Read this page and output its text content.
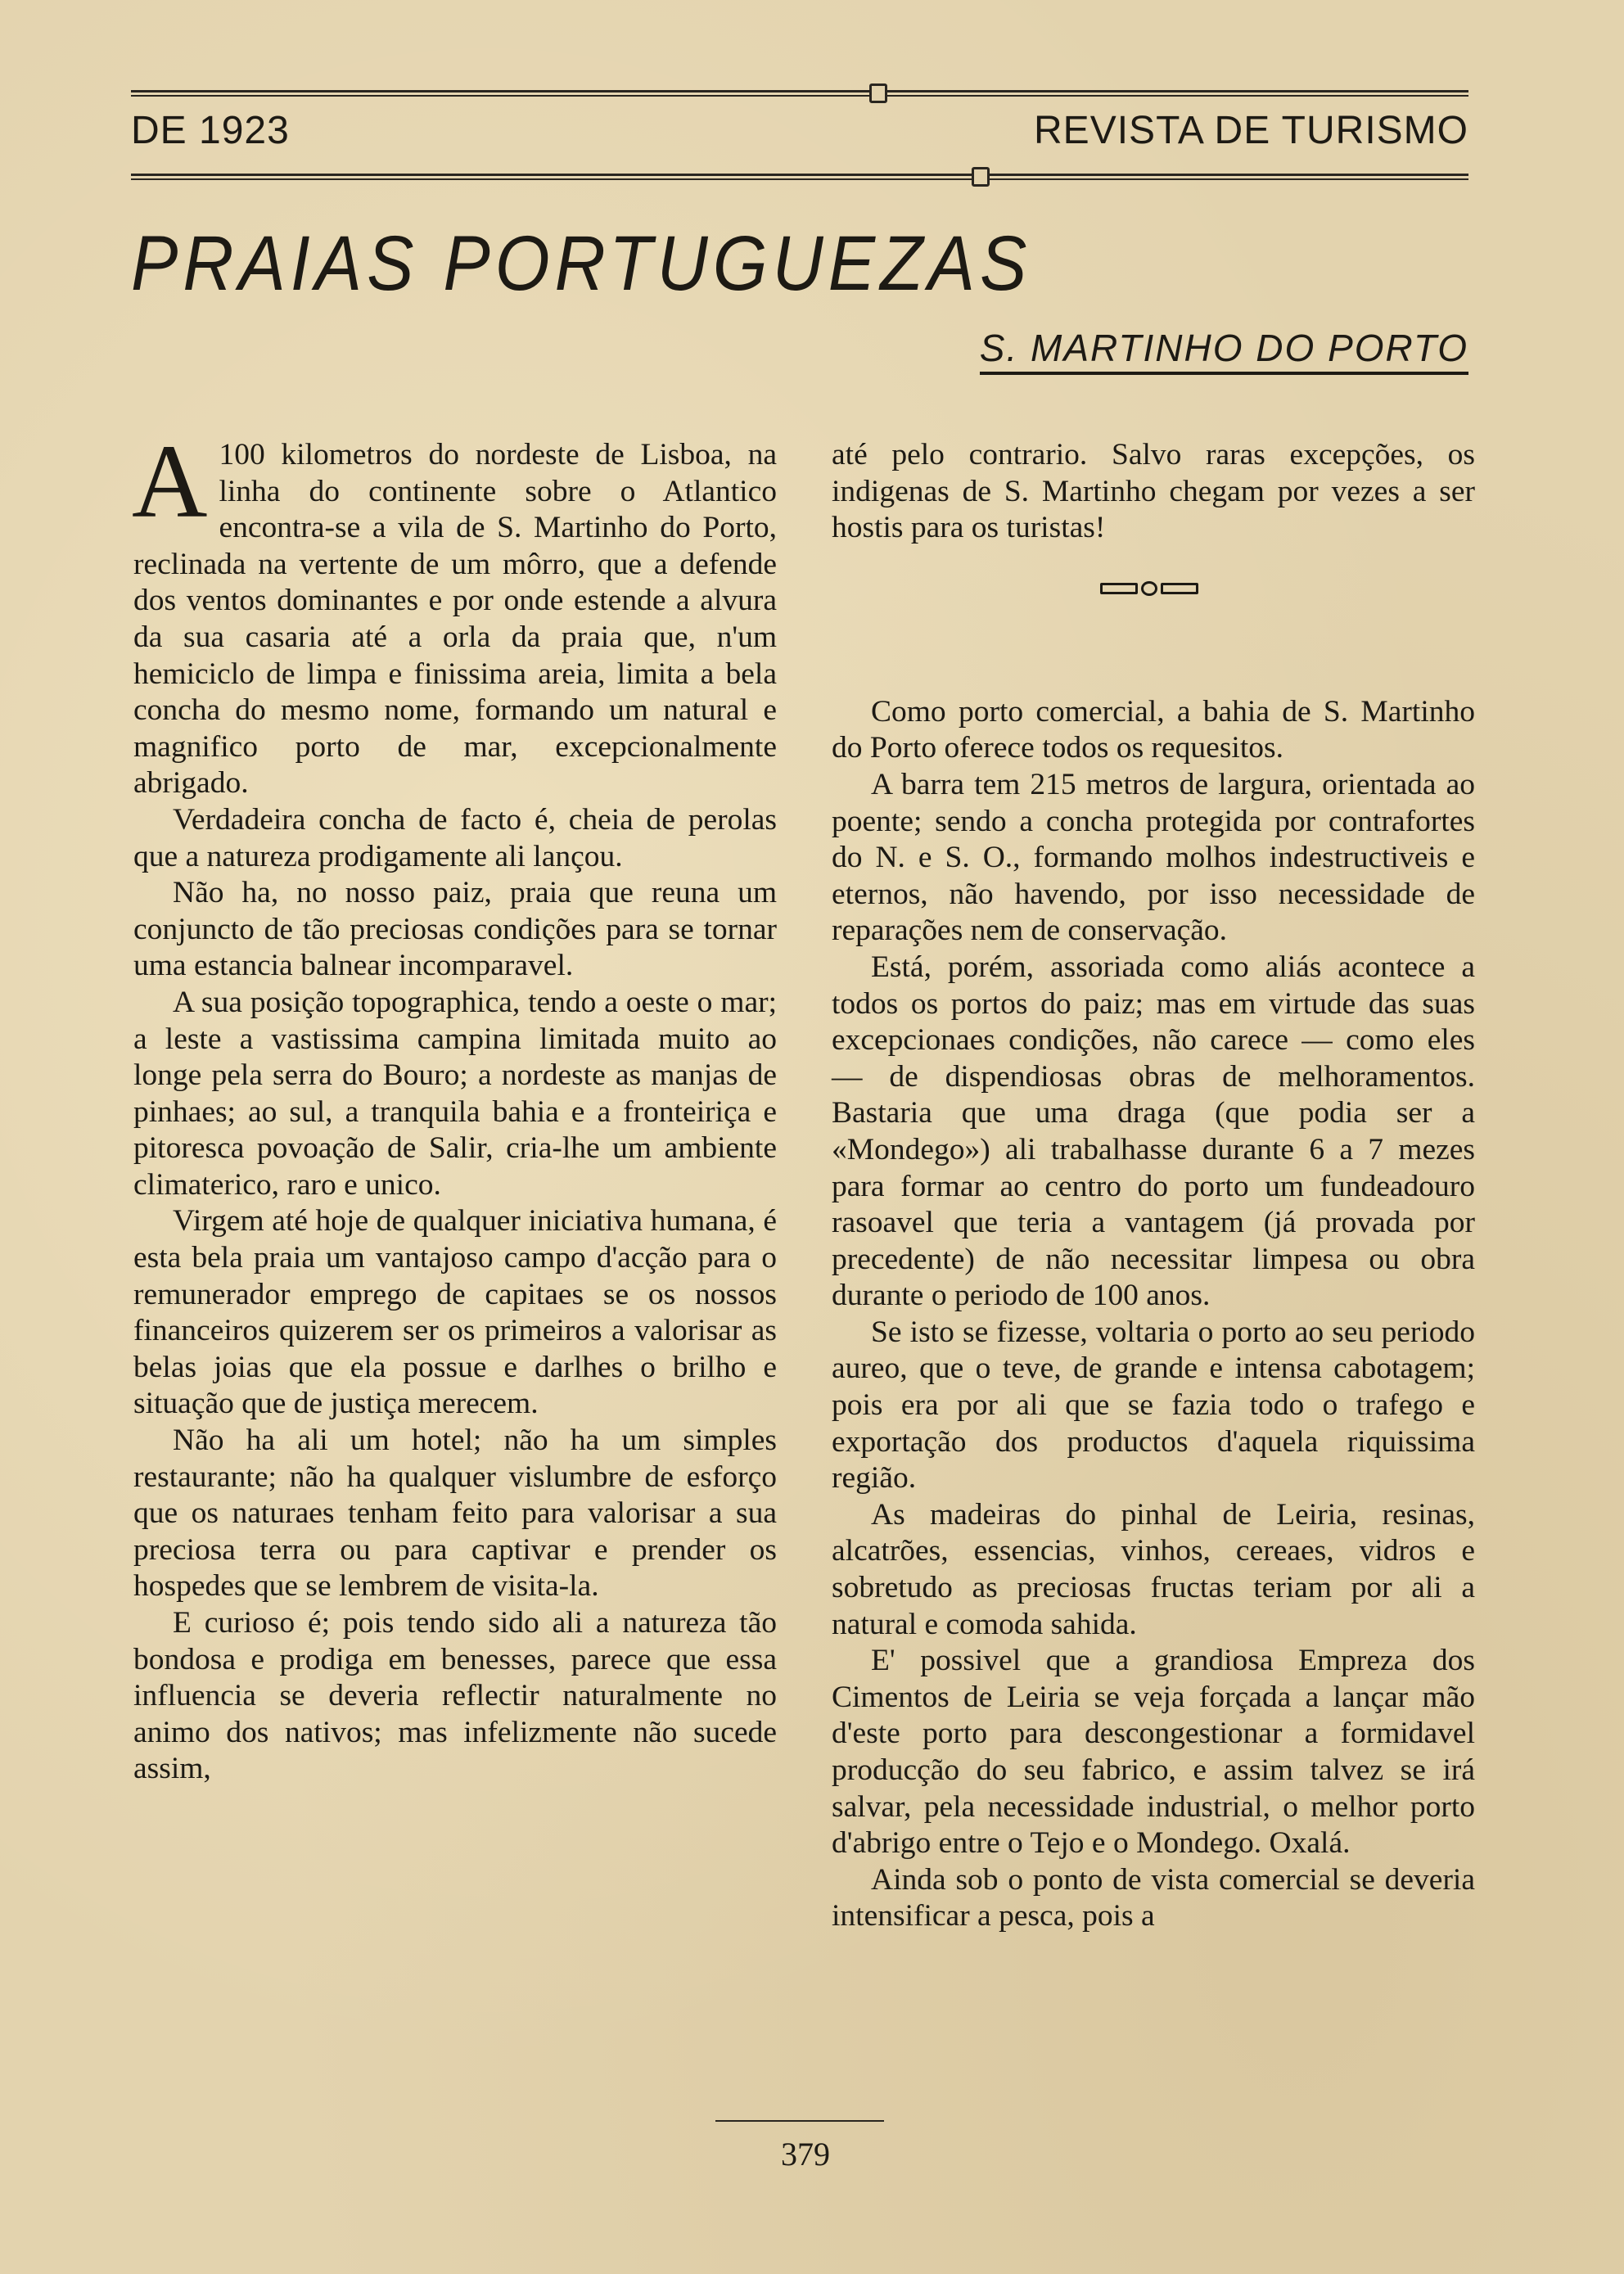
DE 1923	REVISTA DE TURISMO
PRAIAS PORTUGUEZAS
S. MARTINHO DO PORTO

A 100 kilometros do nordeste de Lisboa, na linha do continente sobre o Atlantico encontra-se a vila de S. Martinho do Porto, reclinada na vertente de um môrro, que a defende dos ventos dominantes e por onde estende a alvura da sua casaria até a orla da praia que, n'um hemiciclo de limpa e finissima areia, limita a bela concha do mesmo nome, formando um natural e magnifico porto de mar, excepcionalmente abrigado.

Verdadeira concha de facto é, cheia de perolas que a natureza prodigamente ali lançou.

Não ha, no nosso paiz, praia que reuna um conjuncto de tão preciosas condições para se tornar uma estancia balnear incomparavel.

A sua posição topographica, tendo a oeste o mar; a leste a vastissima campina limitada muito ao longe pela serra do Bouro; a nordeste as manjas de pinhaes; ao sul, a tranquila bahia e a fronteiriça e pitoresca povoação de Salir, cria-lhe um ambiente climaterico, raro e unico.

Virgem até hoje de qualquer iniciativa humana, é esta bela praia um vantajoso campo d'acção para o remunerador emprego de capitaes se os nossos financeiros quizerem ser os primeiros a valorisar as belas joias que ela possue e darlhes o brilho e situação que de justiça merecem.

Não ha ali um hotel; não ha um simples restaurante; não ha qualquer vislumbre de esforço que os naturaes tenham feito para valorisar a sua preciosa terra ou para captivar e prender os hospedes que se lembrem de visita-la.

E curioso é; pois tendo sido ali a natureza tão bondosa e prodiga em benesses, parece que essa influencia se deveria reflectir naturalmente no animo dos nativos; mas infelizmente não sucede assim,

até pelo contrario. Salvo raras excepções, os indigenas de S. Martinho chegam por vezes a ser hostis para os turistas!

Como porto comercial, a bahia de S. Martinho do Porto oferece todos os requesitos.

A barra tem 215 metros de largura, orientada ao poente; sendo a concha protegida por contrafortes do N. e S. O., formando molhos indestructiveis e eternos, não havendo, por isso necessidade de reparações nem de conservação.

Está, porém, assoriada como aliás acontece a todos os portos do paiz; mas em virtude das suas excepcionaes condições, não carece — como eles — de dispendiosas obras de melhoramentos. Bastaria que uma draga (que podia ser a «Mondego») ali trabalhasse durante 6 a 7 mezes para formar ao centro do porto um fundeadouro rasoavel que teria a vantagem (já provada por precedente) de não necessitar limpesa ou obra durante o periodo de 100 anos.

Se isto se fizesse, voltaria o porto ao seu periodo aureo, que o teve, de grande e intensa cabotagem; pois era por ali que se fazia todo o trafego e exportação dos productos d'aquela riquissima região.

As madeiras do pinhal de Leiria, resinas, alcatrões, essencias, vinhos, cereaes, vidros e sobretudo as preciosas fructas teriam por ali a natural e comoda sahida.

E' possivel que a grandiosa Empreza dos Cimentos de Leiria se veja forçada a lançar mão d'este porto para descongestionar a formidavel producção do seu fabrico, e assim talvez se irá salvar, pela necessidade industrial, o melhor porto d'abrigo entre o Tejo e o Mondego. Oxalá.

Ainda sob o ponto de vista comercial se deveria intensificar a pesca, pois a

379
